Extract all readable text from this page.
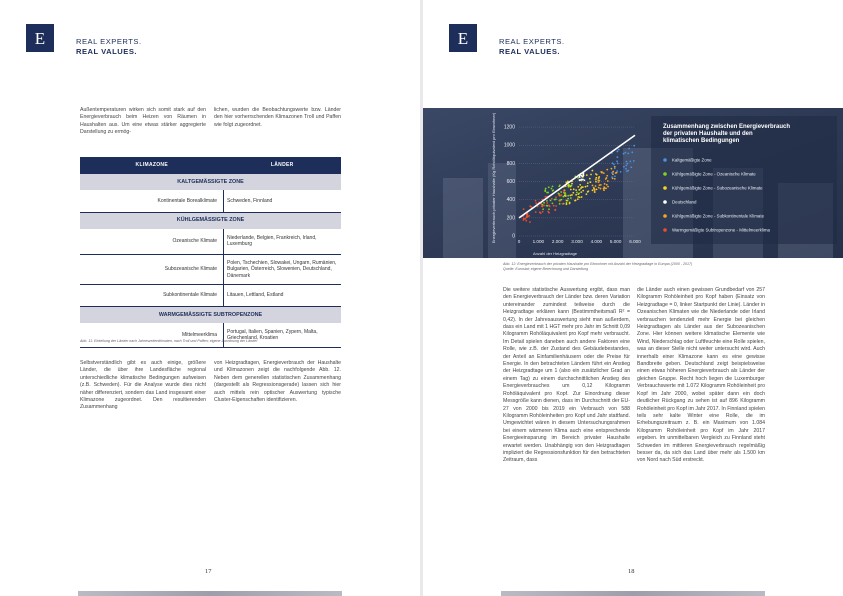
E	REAL EXPERTS.
REAL VALUES.
Außentemperaturen wirken sich somit stark auf den Energieverbrauch beim Heizen von Räumen in Haushalten aus. Um eine etwas stärker aggregierte Darstellung zu ermög-
lichen, wurden die Beobachtungswerte bzw. Länder den hier vorherrschenden Klimazonen Troll und Paffen wie folgt zugeordnet.
KLIMAZONE	LÄNDER
KALTGEMÄSSIGTE ZONE	
Kontinentale Borealklimate	Schweden, Finnland
KÜHLGEMÄSSIGTE ZONE	
Ozeanische Klimate	Niederlande, Belgien, Frankreich, Irland, Luxemburg
Subozeanische Klimate	Polen, Tschechien, Slowakei, Ungarn, Rumänien, Bulgarien, Österreich, Slowenien, Deutschland, Dänemark
Subkontinentale Klimate	Litauen, Lettland, Estland
WARMGEMÄSSIGTE SUBTROPENZONE	
Mittelmeerklima	Portugal, Italien, Spanien, Zypern, Malta, Griechenland, Kroatien
Abb. 11: Einteilung der Länder nach Jahreszeitenklimaten, nach Troll und Paffen; eigene Zuordnung der Länder
Selbstverständlich gibt es auch einige, größere Länder, die über ihre Landesfläche regional unterschiedliche klimatische Bedingungen aufweisen (z.B. Schweden). Für die Analyse wurde dies nicht näher differenziert, sondern das Land insgesamt einer Klimazone zugeordnet. Den resultierenden Zusammenhang
von Heizgradtagen, Energieverbrauch der Haushalte und Klimazonen zeigt die nachfolgende Abb. 12. Neben dem generellen statistischen Zusammenhang (dargestellt als Regressionsgerade) lassen sich hier auch mittels rein optischer Auswertung typische Cluster-Eigenschaften identifizieren.
17
E	REAL EXPERTS.
REAL VALUES.
Energieverbrauch privater Haushalte (Kg Rohöläquivalent pro Einwohner)
Anzahl der Heizgradtage
Zusammenhang zwischen Energieverbrauch der privaten Haushalte und den klimatischen Bedingungen
0
200
400
600
800
1000
1200
0	1.000 2.000 3.000 4.000 5.000 6.000
Kaltgemäßigte Zone
Kühlgemäßigte Zone - Ozeanische Klimate
Kühlgemäßigte Zone - Subozeanische Klimate
Deutschland
Kühlgemäßigte Zone - Subkontinentale Klimate
Warmgemäßigte Subtropenzone - Mittelmeerklima
Abb. 12: Energieverbrauch der privaten Haushalte pro Einwohner mit Anzahl der Heizgradtage in Europa (2000 - 2017)
Quelle: Eurostat; eigene Berechnung und Darstellung
Die weitere statistische Auswertung ergibt, dass man den Energieverbrauch der Länder bzw. deren Variation untereinander zumindest teilweise durch die Heizgradtage erklären kann (Bestimmtheitsmaß R² = 0,42). In der Jahresauswertung sieht man außerdem, dass ein Land mit 1 HGT mehr pro Jahr im Schnitt 0,09 Kilogramm Rohöläquivalent pro Kopf mehr verbraucht. Im Detail spielen daneben auch andere Faktoren eine Rolle, wie z.B. der Zustand des Gebäudebestandes, der Anteil an Einfamilienhäusern oder die Preise für Energie. In den betrachteten Ländern führt ein Anstieg der Heizgradtage um 1 (also ein zusätzlicher Grad an einem Tag) zu einem durchschnittlichen Anstieg des Energieverbrauches um 0,12 Kilogramm Rohöläquivalent pro Kopf. Zur Einordnung dieser Messgröße kann dienen, dass im Durchschnitt der EU-27 von 2000 bis 2019 ein Verbrauch von 588 Kilogramm Rohöleinheiten pro Kopf und Jahr stattfand. Umgewichtet wären in diesem Untersuchungsrahmen bei einem wärmeren Klima auch eine entsprechende Energieeinsparung im Bereich privater Haushalte erwartet werden. Unabhängig von den Heizgradtagen impliziert die Regressionsfunktion für den betrachteten Zeitraum, dass
die Länder auch einen gewissen Grundbedarf von 257 Kilogramm Rohöleinheit pro Kopf haben (Einsatz von Heizgradtage = 0, linker Startpunkt der Linie). Länder in Ozeanischen Klimaten wie die Niederlande oder Irland verbrauchen tendenziell mehr Energie bei gleichen Heizgradtagen als Länder aus der Subozeanischen Zone. Hier können weitere klimatische Elemente wie Wind, Niederschlag oder Luftfeuchte eine Rolle spielen, was an dieser Stelle nicht weiter untersucht wird. Auch innerhalb einer Klimazone kann es eine gewisse Bandbreite geben. Deutschland zeigt beispielsweise einen etwas höheren Energieverbrauch als Länder der gleichen Gruppe. Recht hoch liegen die Luxemburger Verbrauchswerte mit 1.072 Kilogramm Rohöleinheit pro Kopf im Jahr 2000, wobei später dann ein doch deutlicher Rückgang zu sehen ist auf 896 Kilogramm Rohöleinheit pro Kopf im Jahr 2017. In Finnland spielen teils sehr kalte Winter eine Rolle, die im Erhebungszeitraum z. B. ein Maximum von 1.084 Kilogramm Rohöleinheit pro Kopf im Jahr 2017 ergeben. Im unmittelbaren Vergleich zu Finnland steht Schweden im mittleren Energieverbrauch regelmäßig besser da, da sich das Land über mehr als 1.500 km von Nord nach Süd erstreckt.
18
